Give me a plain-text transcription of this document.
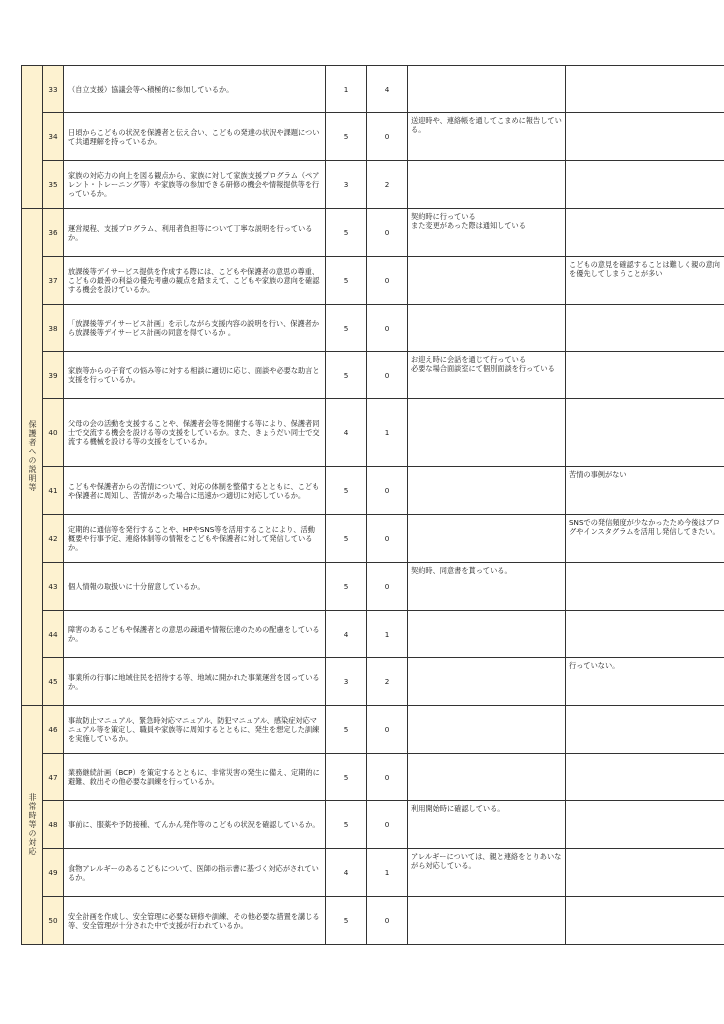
	33	（自立支援）協議会等へ積極的に参加しているか。	1	4		
	34	日頃からこどもの状況を保護者と伝え合い、こどもの発達の状況や課題について共通理解を持っているか。	5	0	送迎時や、連絡帳を通してこまめに報告している。	
	35	家族の対応力の向上を図る観点から、家族に対して家族支援プログラム（ペアレント・トレーニング等）や家族等の参加できる研修の機会や情報提供等を行っているか。	3	2		
保護者への説明等	36	運営規程、支援プログラム、利用者負担等について丁寧な説明を行っているか。	5	0	契約時に行っている
また変更があった際は通知している	
	37	放課後等デイサービス提供を作成する際には、こどもや保護者の意思の尊重、こどもの最善の利益の優先考慮の観点を踏まえて、こどもや家族の意向を確認する機会を設けているか。	5	0		こどもの意見を確認することは難しく親の意向を優先してしまうことが多い
	38	「放課後等デイサービス計画」を示しながら支援内容の説明を行い、保護者から放課後等デイサービス計画の同意を得ているか 。	5	0		
	39	家族等からの子育ての悩み等に対する相談に適切に応じ、面談や必要な助言と支援を行っているか。	5	0	お迎え時に会話を通じて行っている
必要な場合面談室にて個別面談を行っている	
	40	父母の会の活動を支援することや、保護者会等を開催する等により、保護者同士で交流する機会を設ける等の支援をしているか。また、きょうだい同士で交流する機械を設ける等の支援をしているか。	4	1		
	41	こどもや保護者からの苦情について、対応の体制を整備するとともに、こどもや保護者に周知し、苦情があった場合に迅速かつ適切に対応しているか。	5	0		苦情の事例がない
	42	定期的に通信等を発行することや、HPやSNS等を活用することにより、活動概要や行事予定、連絡体制等の情報をこどもや保護者に対して発信しているか。	5	0		SNSでの発信頻度が少なかったため今後はブログやインスタグラムを活用し発信してきたい。
	43	個人情報の取扱いに十分留意しているか。	5	0	契約時、同意書を貰っている。	
	44	障害のあるこどもや保護者との意思の疎通や情報伝達のための配慮をしているか。	4	1		
	45	事業所の行事に地域住民を招待する等、地域に開かれた事業運営を図っているか。	3	2		行っていない。
非常時等の対応	46	事故防止マニュアル、緊急時対応マニュアル、防犯マニュアル、感染症対応マニュアル等を策定し、職員や家族等に周知するとともに、発生を想定した訓練を実施しているか。	5	0		
	47	業務継続計画（BCP）を策定するとともに、非常災害の発生に備え、定期的に避難、救出その他必要な訓練を行っているか。	5	0		
	48	事前に、服薬や予防接種、てんかん発作等のこどもの状況を確認しているか。	5	0	利用開始時に確認している。	
	49	食物アレルギーのあるこどもについて、医師の指示書に基づく対応がされているか。	4	1	アレルギーについては、親と連絡をとりあいながら対応している。	
	50	安全計画を作成し、安全管理に必要な研修や訓練、その他必要な措置を講じる等、安全管理が十分された中で支援が行われているか。	5	0		
